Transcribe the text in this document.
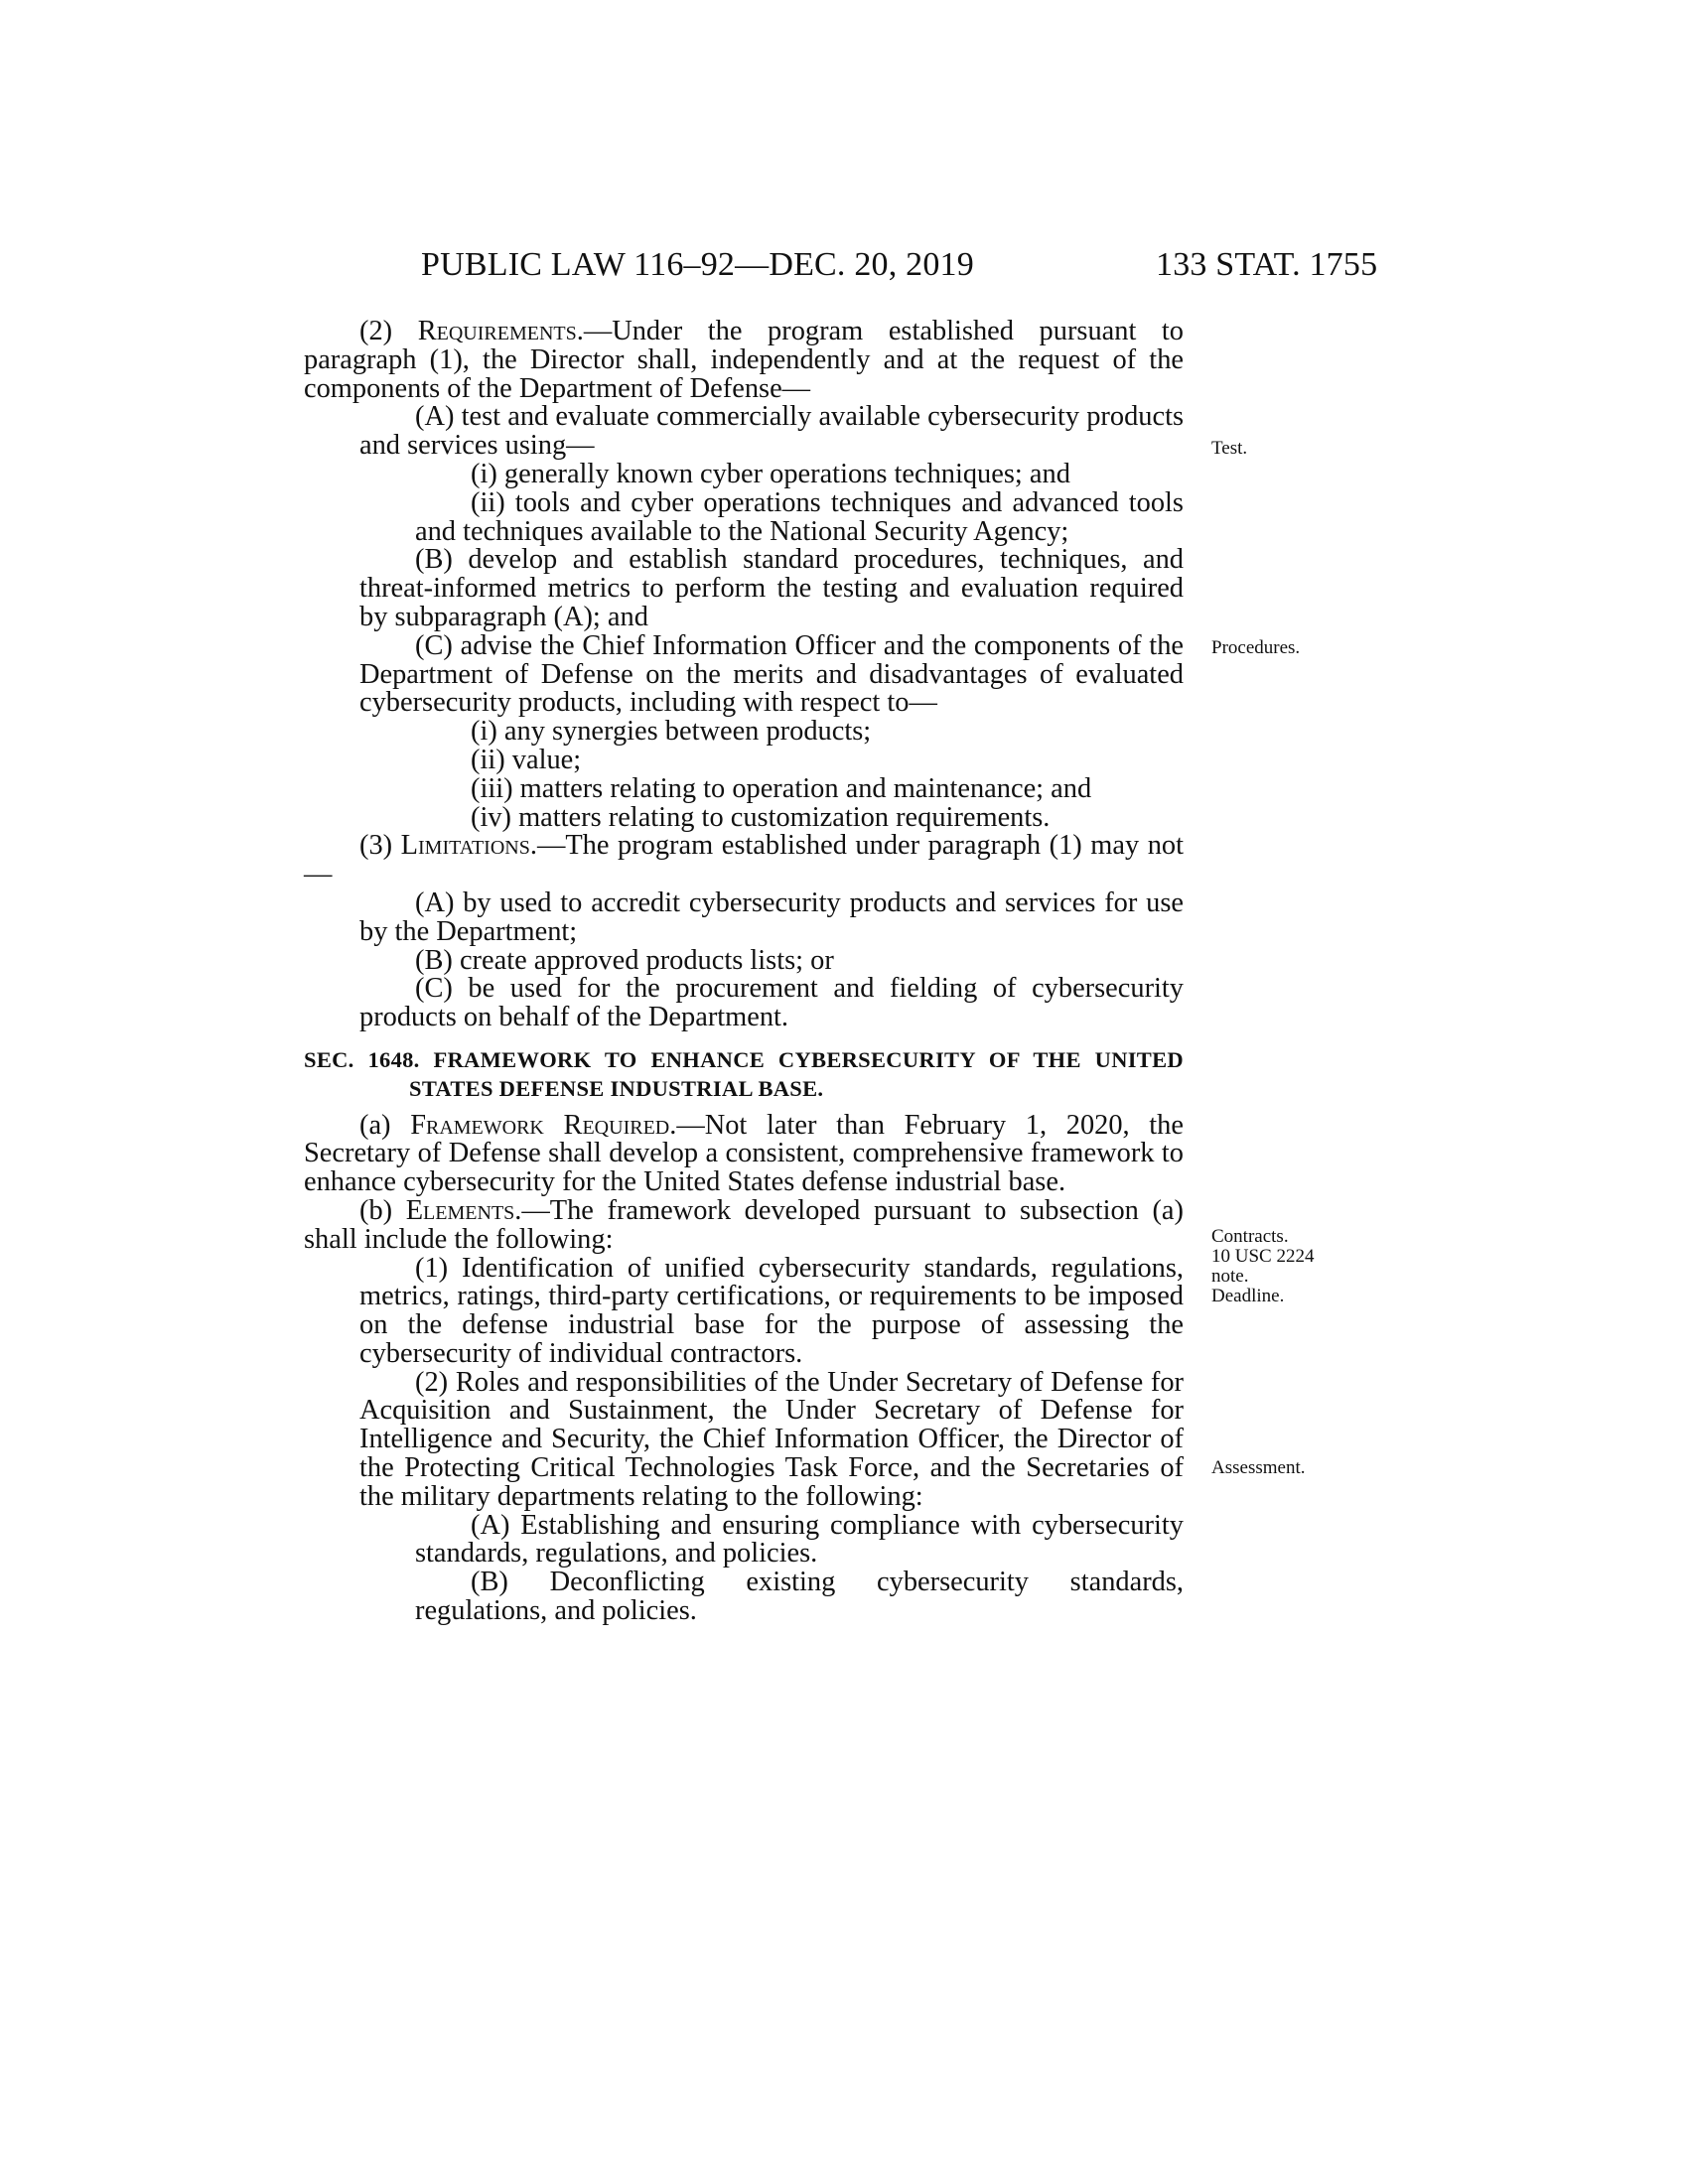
PUBLIC LAW 116–92—DEC. 20, 2019	133 STAT. 1755

(2) Requirements.—Under the program established pursuant to paragraph (1), the Director shall, independently and at the request of the components of the Department of Defense—

(A) test and evaluate commercially available cybersecurity products and services using—

(i) generally known cyber operations techniques; and

(ii) tools and cyber operations techniques and advanced tools and techniques available to the National Security Agency;

(B) develop and establish standard procedures, techniques, and threat-informed metrics to perform the testing and evaluation required by subparagraph (A); and

(C) advise the Chief Information Officer and the components of the Department of Defense on the merits and disadvantages of evaluated cybersecurity products, including with respect to—

(i) any synergies between products;

(ii) value;

(iii) matters relating to operation and maintenance; and

(iv) matters relating to customization requirements.

(3) Limitations.—The program established under paragraph (1) may not—

(A) by used to accredit cybersecurity products and services for use by the Department;

(B) create approved products lists; or

(C) be used for the procurement and fielding of cybersecurity products on behalf of the Department.

SEC. 1648. FRAMEWORK TO ENHANCE CYBERSECURITY OF THE UNITED STATES DEFENSE INDUSTRIAL BASE.

(a) Framework Required.—Not later than February 1, 2020, the Secretary of Defense shall develop a consistent, comprehensive framework to enhance cybersecurity for the United States defense industrial base.

(b) Elements.—The framework developed pursuant to subsection (a) shall include the following:

(1) Identification of unified cybersecurity standards, regulations, metrics, ratings, third-party certifications, or requirements to be imposed on the defense industrial base for the purpose of assessing the cybersecurity of individual contractors.

(2) Roles and responsibilities of the Under Secretary of Defense for Acquisition and Sustainment, the Under Secretary of Defense for Intelligence and Security, the Chief Information Officer, the Director of the Protecting Critical Technologies Task Force, and the Secretaries of the military departments relating to the following:

(A) Establishing and ensuring compliance with cybersecurity standards, regulations, and policies.

(B) Deconflicting existing cybersecurity standards, regulations, and policies.

Test.
Procedures.
Contracts.
10 USC 2224
note.
Deadline.
Assessment.
